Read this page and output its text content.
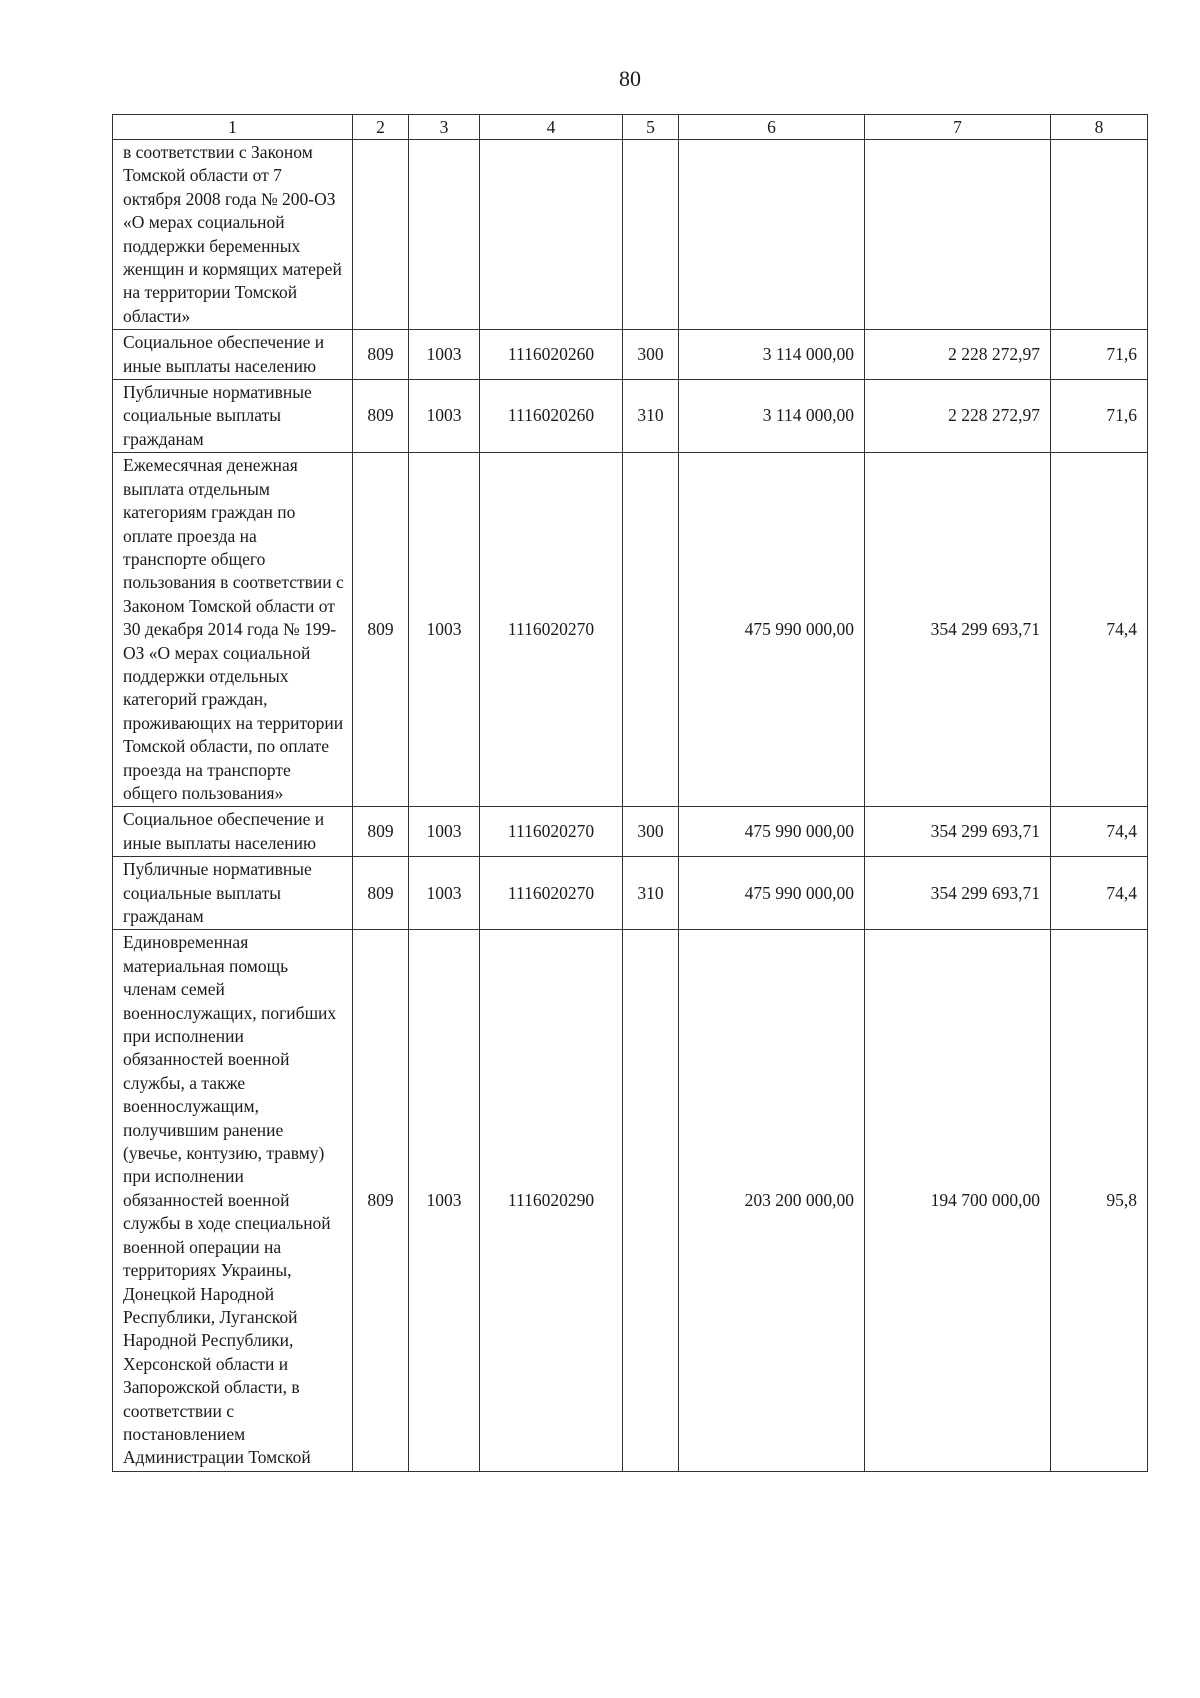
80
1	2	3	4	5	6	7	8
в соответствии с Законом Томской области от 7 октября 2008 года № 200-ОЗ «О мерах социальной поддержки беременных женщин и кормящих матерей на территории Томской области»							
Социальное обеспечение и иные выплаты населению	809	1003	1116020260	300	3 114 000,00	2 228 272,97	71,6
Публичные нормативные социальные выплаты гражданам	809	1003	1116020260	310	3 114 000,00	2 228 272,97	71,6
Ежемесячная денежная выплата отдельным категориям граждан по оплате проезда на транспорте общего пользования в соответствии с Законом Томской области от 30 декабря 2014 года № 199-ОЗ «О мерах социальной поддержки отдельных категорий граждан, проживающих на территории Томской области, по оплате проезда на транспорте общего пользования»	809	1003	1116020270		475 990 000,00	354 299 693,71	74,4
Социальное обеспечение и иные выплаты населению	809	1003	1116020270	300	475 990 000,00	354 299 693,71	74,4
Публичные нормативные социальные выплаты гражданам	809	1003	1116020270	310	475 990 000,00	354 299 693,71	74,4
Единовременная материальная помощь членам семей военнослужащих, погибших при исполнении обязанностей военной службы, а также военнослужащим, получившим ранение (увечье, контузию, травму) при исполнении обязанностей военной службы в ходе специальной военной операции на территориях Украины, Донецкой Народной Республики, Луганской Народной Республики, Херсонской области и Запорожской области, в соответствии с постановлением Администрации Томской	809	1003	1116020290		203 200 000,00	194 700 000,00	95,8
